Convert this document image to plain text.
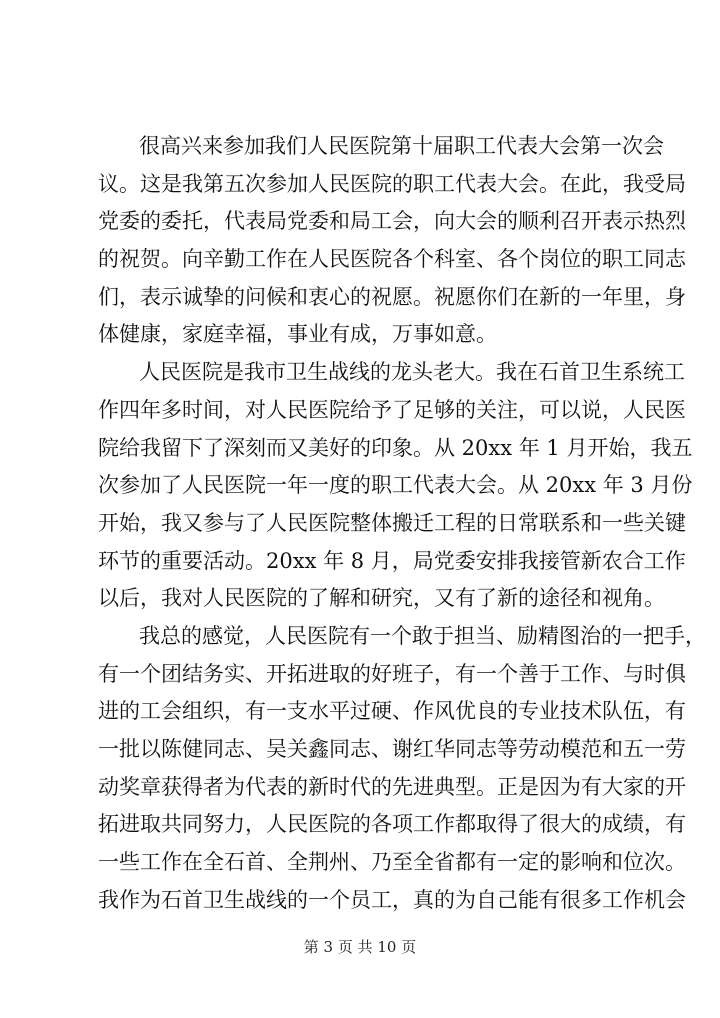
很高兴来参加我们人民医院第十届职工代表大会第一次会
议。这是我第五次参加人民医院的职工代表大会。在此，我受局
党委的委托，代表局党委和局工会，向大会的顺利召开表示热烈
的祝贺。向辛勤工作在人民医院各个科室、各个岗位的职工同志
们，表示诚挚的问候和衷心的祝愿。祝愿你们在新的一年里，身
体健康，家庭幸福，事业有成，万事如意。
人民医院是我市卫生战线的龙头老大。我在石首卫生系统工
作四年多时间，对人民医院给予了足够的关注，可以说，人民医
院给我留下了深刻而又美好的印象。从 20xx 年 1 月开始，我五
次参加了人民医院一年一度的职工代表大会。从 20xx 年 3 月份
开始，我又参与了人民医院整体搬迁工程的日常联系和一些关键
环节的重要活动。20xx 年 8 月，局党委安排我接管新农合工作
以后，我对人民医院的了解和研究，又有了新的途径和视角。
我总的感觉，人民医院有一个敢于担当、励精图治的一把手，
有一个团结务实、开拓进取的好班子，有一个善于工作、与时俱
进的工会组织，有一支水平过硬、作风优良的专业技术队伍，有
一批以陈健同志、吴关鑫同志、谢红华同志等劳动模范和五一劳
动奖章获得者为代表的新时代的先进典型。正是因为有大家的开
拓进取共同努力，人民医院的各项工作都取得了很大的成绩，有
一些工作在全石首、全荆州、乃至全省都有一定的影响和位次。
我作为石首卫生战线的一个员工，真的为自己能有很多工作机会
第 3 页 共 10 页
